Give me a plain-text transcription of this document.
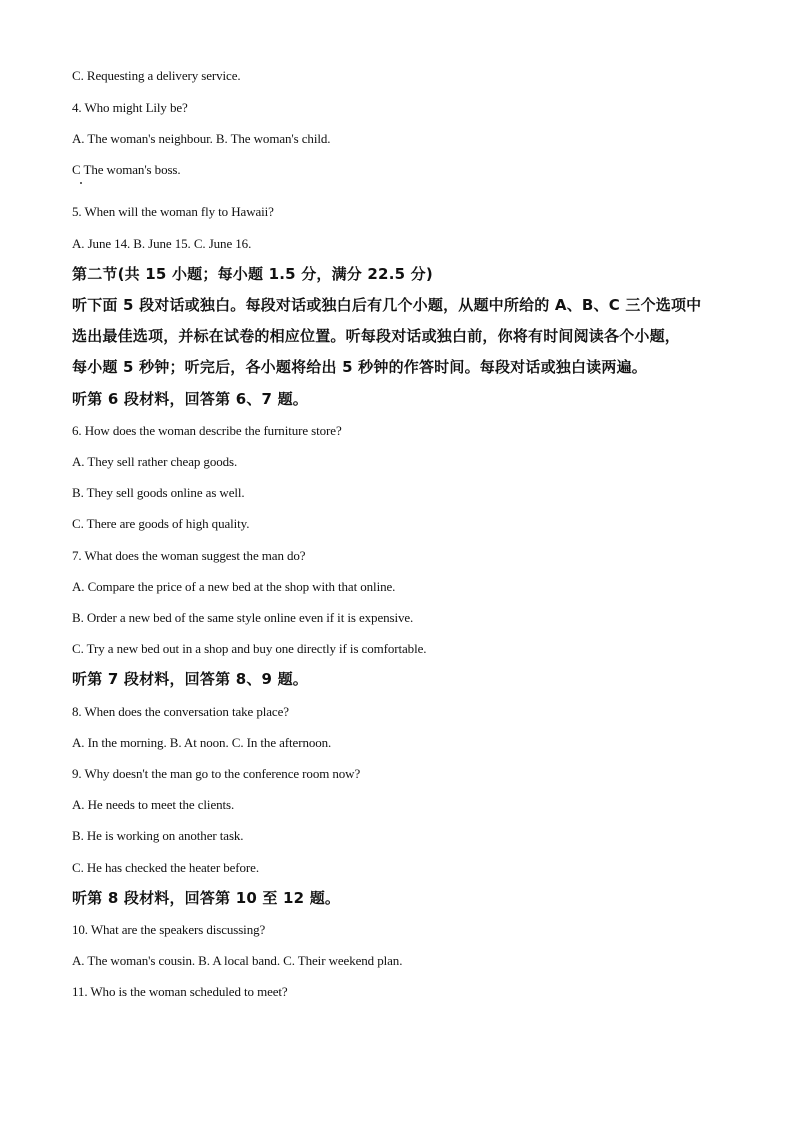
C. Requesting a delivery service.
4. Who might Lily be?
A. The woman's neighbour. B. The woman's child.
C The woman's boss.
5. When will the woman fly to Hawaii?
A. June 14. B. June 15. C. June 16.
第二节(共 15 小题；每小题 1.5 分，满分 22.5 分)
听下面 5 段对话或独白。每段对话或独白后有几个小题，从题中所给的 A、B、C 三个选项中
选出最佳选项，并标在试卷的相应位置。听每段对话或独白前，你将有时间阅读各个小题，
每小题 5 秒钟；听完后，各小题将给出 5 秒钟的作答时间。每段对话或独白读两遍。
听第 6 段材料，回答第 6、7 题。
6. How does the woman describe the furniture store?
A. They sell rather cheap goods.
B. They sell goods online as well.
C. There are goods of high quality.
7. What does the woman suggest the man do?
A. Compare the price of a new bed at the shop with that online.
B. Order a new bed of the same style online even if it is expensive.
C. Try a new bed out in a shop and buy one directly if is comfortable.
听第 7 段材料，回答第 8、9 题。
8. When does the conversation take place?
A. In the morning. B. At noon. C. In the afternoon.
9. Why doesn't the man go to the conference room now?
A. He needs to meet the clients.
B. He is working on another task.
C. He has checked the heater before.
听第 8 段材料，回答第 10 至 12 题。
10. What are the speakers discussing?
A. The woman's cousin. B. A local band. C. Their weekend plan.
11. Who is the woman scheduled to meet?
